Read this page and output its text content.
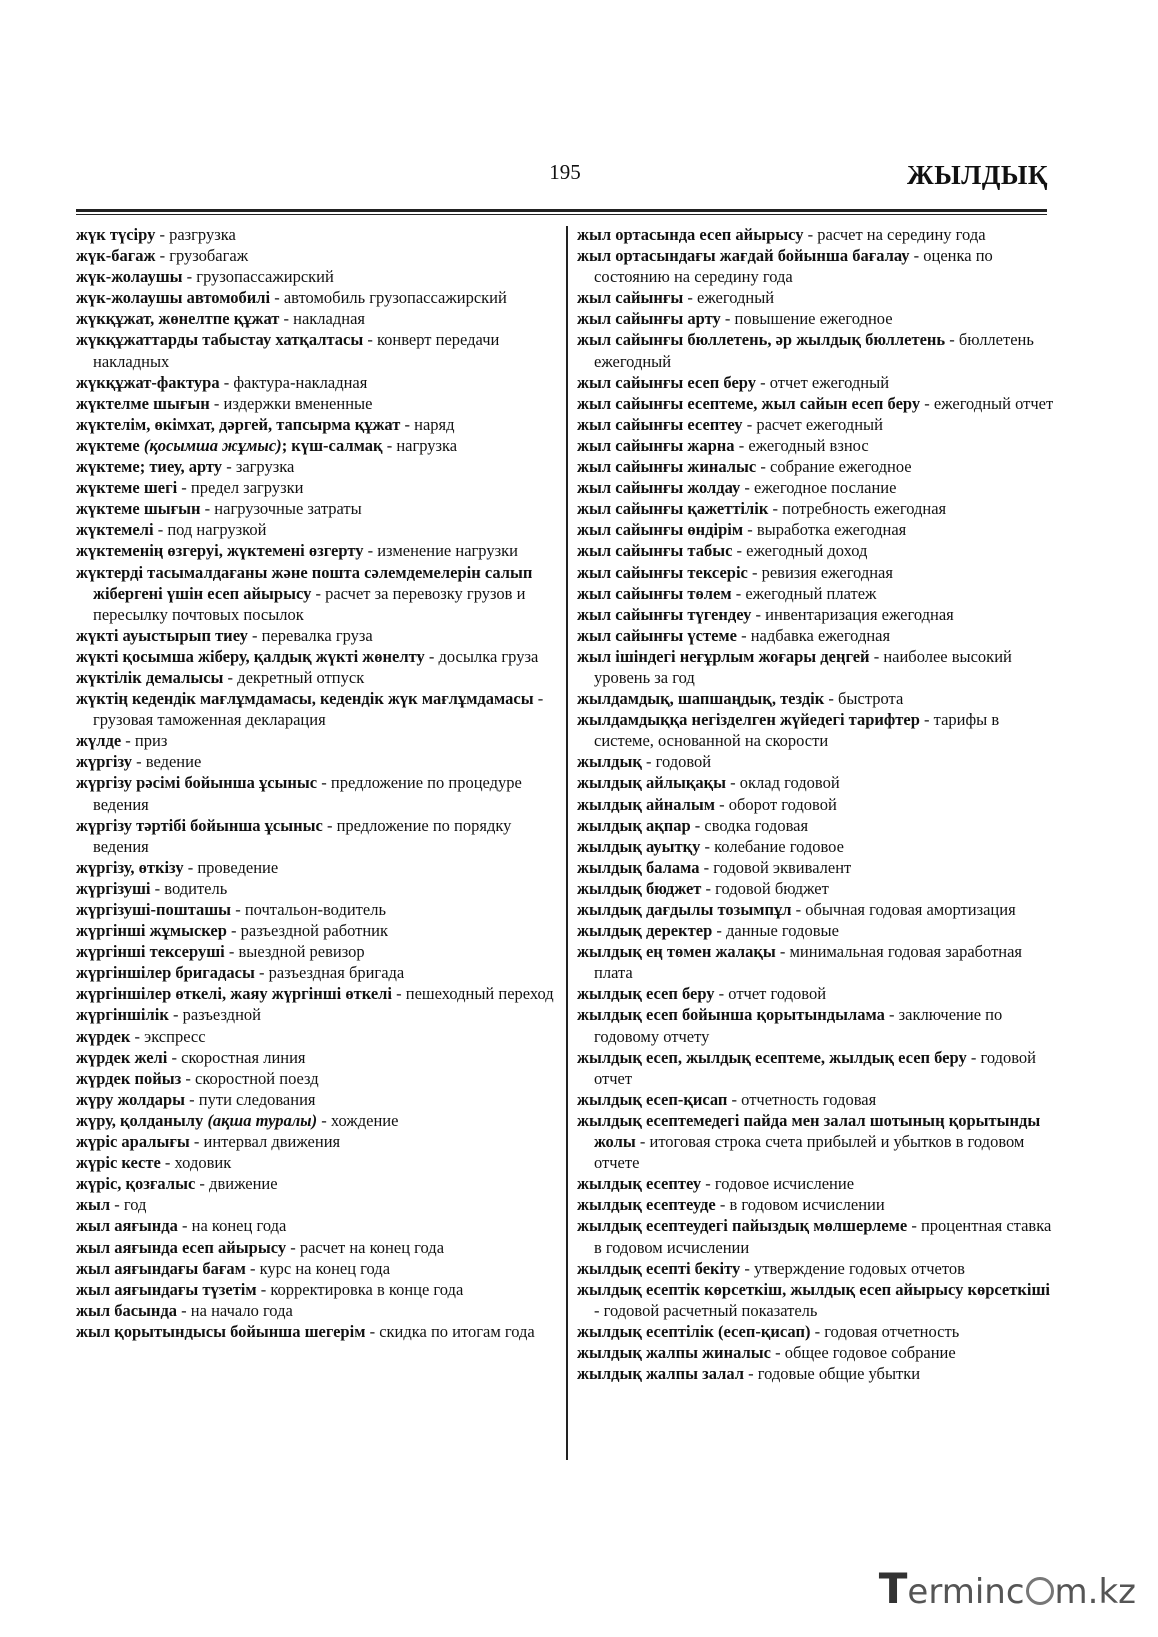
195	ЖЫЛДЫҚ

жүк түсіру - разгрузка

жүк-багаж - грузобагаж

жүк-жолаушы - грузопассажирский

жүк-жолаушы автомобилі - автомобиль грузопассажирский

жүкқұжат, жөнелтпе құжат - накладная

жүкқұжаттарды табыстау хатқалтасы - конверт передачи накладных

жүкқұжат-фактура - фактура-накладная

жүктелме шығын - издержки вмененные

жүктелім, өкімхат, дәргей, тапсырма құжат - наряд

жүктеме (қосымша жұмыс); күш-салмақ - нагрузка

жүктеме; тиеу, арту - загрузка

жүктеме шегі - предел загрузки

жүктеме шығын - нагрузочные затраты

жүктемелі - под нагрузкой

жүктеменің өзгеруі, жүктемені өзгерту - изменение нагрузки

жүктерді тасымалдағаны және пошта сәлемдемелерін салып жібергені үшін есеп айырысу - расчет за перевозку грузов и пересылку почтовых посылок

жүкті ауыстырып тиеу - перевалка груза

жүкті қосымша жіберу, қалдық жүкті жөнелту - досылка груза

жүктілік демалысы - декретный отпуск

жүктің кедендік мағлұмдамасы, кедендік жүк мағлұмдамасы - грузовая таможенная декларация

жүлде - приз

жүргізу - ведение

жүргізу рәсімі бойынша ұсыныс - предложение по процедуре ведения

жүргізу тәртібі бойынша ұсыныс - предложение по порядку ведения

жүргізу, өткізу - проведение

жүргізуші - водитель

жүргізуші-пошташы - почтальон-водитель

жүргінші жұмыскер - разъездной работник

жүргінші тексеруші - выездной ревизор

жүргіншілер бригадасы - разъездная бригада

жүргіншілер өткелі, жаяу жүргінші өткелі - пешеходный переход

жүргіншілік - разъездной

жүрдек - экспресс

жүрдек желі - скоростная линия

жүрдек пойыз - скоростной поезд

жүру жолдары - пути следования

жүру, қолданылу (ақша туралы) - хождение

жүріс аралығы - интервал движения

жүріс кесте - ходовик

жүріс, қозғалыс - движение

жыл - год

жыл аяғында - на конец года

жыл аяғында есеп айырысу - расчет на конец года

жыл аяғындағы бағам - курс на конец года

жыл аяғындағы түзетім - корректировка в конце года

жыл басында - на начало года

жыл қорытындысы бойынша шегерім - скидка по итогам года

жыл ортасында есеп айырысу - расчет на середину года

жыл ортасындағы жағдай бойынша бағалау - оценка по состоянию на середину года

жыл сайынғы - ежегодный

жыл сайынғы арту - повышение ежегодное

жыл сайынғы бюллетень, әр жылдық бюллетень - бюллетень ежегодный

жыл сайынғы есеп беру - отчет ежегодный

жыл сайынғы есептеме, жыл сайын есеп беру - ежегодный отчет

жыл сайынғы есептеу - расчет ежегодный

жыл сайынғы жарна - ежегодный взнос

жыл сайынғы жиналыс - собрание ежегодное

жыл сайынғы жолдау - ежегодное послание

жыл сайынғы қажеттілік - потребность ежегодная

жыл сайынғы өндірім - выработка ежегодная

жыл сайынғы табыс - ежегодный доход

жыл сайынғы тексеріс - ревизия ежегодная

жыл сайынғы төлем - ежегодный платеж

жыл сайынғы түгендеу - инвентаризация ежегодная

жыл сайынғы үстеме - надбавка ежегодная

жыл ішіндегі неғұрлым жоғары деңгей - наиболее высокий уровень за год

жылдамдық, шапшаңдық, тездік - быстрота

жылдамдыққа негізделген жүйедегі тарифтер - тарифы в системе, основанной на скорости

жылдық - годовой

жылдық айлықақы - оклад годовой

жылдық айналым - оборот годовой

жылдық ақпар - сводка годовая

жылдық ауытқу - колебание годовое

жылдық балама - годовой эквивалент

жылдық бюджет - годовой бюджет

жылдық дағдылы тозымпұл - обычная годовая амортизация

жылдық деректер - данные годовые

жылдық ең төмен жалақы - минимальная годовая заработная плата

жылдық есеп беру - отчет годовой

жылдық есеп бойынша қорытындылама - заключение по годовому отчету

жылдық есеп, жылдық есептеме, жылдық есеп беру - годовой отчет

жылдық есеп-қисап - отчетность годовая

жылдық есептемедегі пайда мен залал шотының қорытынды жолы - итоговая строка счета прибылей и убытков в годовом отчете

жылдық есептеу - годовое исчисление

жылдық есептеуде - в годовом исчислении

жылдық есептеудегі пайыздық мөлшерлеме - процентная ставка в годовом исчислении

жылдық есепті бекіту - утверждение годовых отчетов

жылдық есептік көрсеткіш, жылдық есеп айырысу көрсеткіші - годовой расчетный показатель

жылдық есептілік (есеп-қисап) - годовая отчетность

жылдық жалпы жиналыс - общее годовое собрание

жылдық жалпы залал - годовые общие убытки

Terminc m.kz
